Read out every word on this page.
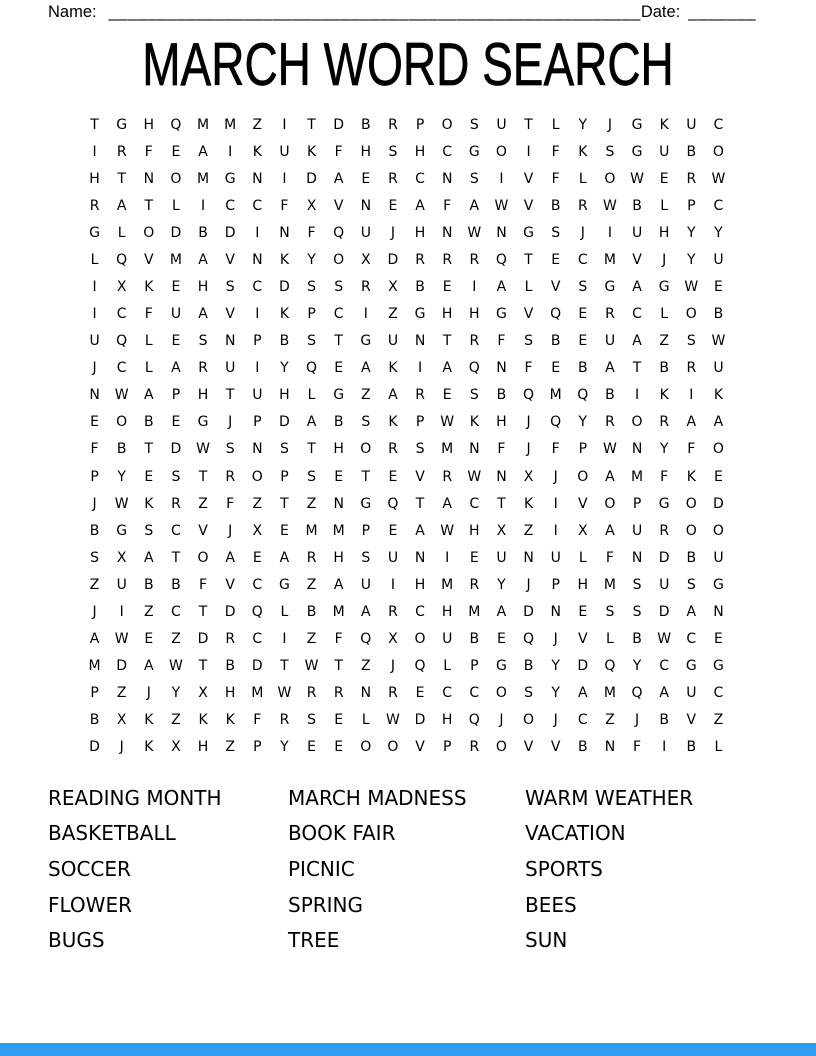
Name: _______________________________________________________ Date: _______
MARCH WORD SEARCH
T	G	H	Q	M	M	Z	I	T	D	B	R	P	O	S	U	T	L	Y	J	G	K	U	C
I	R	F	E	A	I	K	U	K	F	H	S	H	C	G	O	I	F	K	S	G	U	B	O
H	T	N	O	M	G	N	I	D	A	E	R	C	N	S	I	V	F	L	O	W	E	R	W
R	A	T	L	I	C	C	F	X	V	N	E	A	F	A	W	V	B	R	W	B	L	P	C
G	L	O	D	B	D	I	N	F	Q	U	J	H	N	W	N	G	S	J	I	U	H	Y	Y
L	Q	V	M	A	V	N	K	Y	O	X	D	R	R	R	Q	T	E	C	M	V	J	Y	U
I	X	K	E	H	S	C	D	S	S	R	X	B	E	I	A	L	V	S	G	A	G	W	E
I	C	F	U	A	V	I	K	P	C	I	Z	G	H	H	G	V	Q	E	R	C	L	O	B
U	Q	L	E	S	N	P	B	S	T	G	U	N	T	R	F	S	B	E	U	A	Z	S	W
J	C	L	A	R	U	I	Y	Q	E	A	K	I	A	Q	N	F	E	B	A	T	B	R	U
N	W	A	P	H	T	U	H	L	G	Z	A	R	E	S	B	Q	M	Q	B	I	K	I	K
E	O	B	E	G	J	P	D	A	B	S	K	P	W	K	H	J	Q	Y	R	O	R	A	A
F	B	T	D	W	S	N	S	T	H	O	R	S	M	N	F	J	F	P	W	N	Y	F	O
P	Y	E	S	T	R	O	P	S	E	T	E	V	R	W	N	X	J	O	A	M	F	K	E
J	W	K	R	Z	F	Z	T	Z	N	G	Q	T	A	C	T	K	I	V	O	P	G	O	D
B	G	S	C	V	J	X	E	M	M	P	E	A	W	H	X	Z	I	X	A	U	R	O	O
S	X	A	T	O	A	E	A	R	H	S	U	N	I	E	U	N	U	L	F	N	D	B	U
Z	U	B	B	F	V	C	G	Z	A	U	I	H	M	R	Y	J	P	H	M	S	U	S	G
J	I	Z	C	T	D	Q	L	B	M	A	R	C	H	M	A	D	N	E	S	S	D	A	N
A	W	E	Z	D	R	C	I	Z	F	Q	X	O	U	B	E	Q	J	V	L	B	W	C	E
M	D	A	W	T	B	D	T	W	T	Z	J	Q	L	P	G	B	Y	D	Q	Y	C	G	G
P	Z	J	Y	X	H	M	W	R	R	N	R	E	C	C	O	S	Y	A	M	Q	A	U	C
B	X	K	Z	K	K	F	R	S	E	L	W	D	H	Q	J	O	J	C	Z	J	B	V	Z
D	J	K	X	H	Z	P	Y	E	E	O	O	V	P	R	O	V	V	B	N	F	I	B	L
READING MONTH
BASKETBALL
SOCCER
FLOWER
BUGS
MARCH MADNESS
BOOK FAIR
PICNIC
SPRING
TREE
WARM WEATHER
VACATION
SPORTS
BEES
SUN
